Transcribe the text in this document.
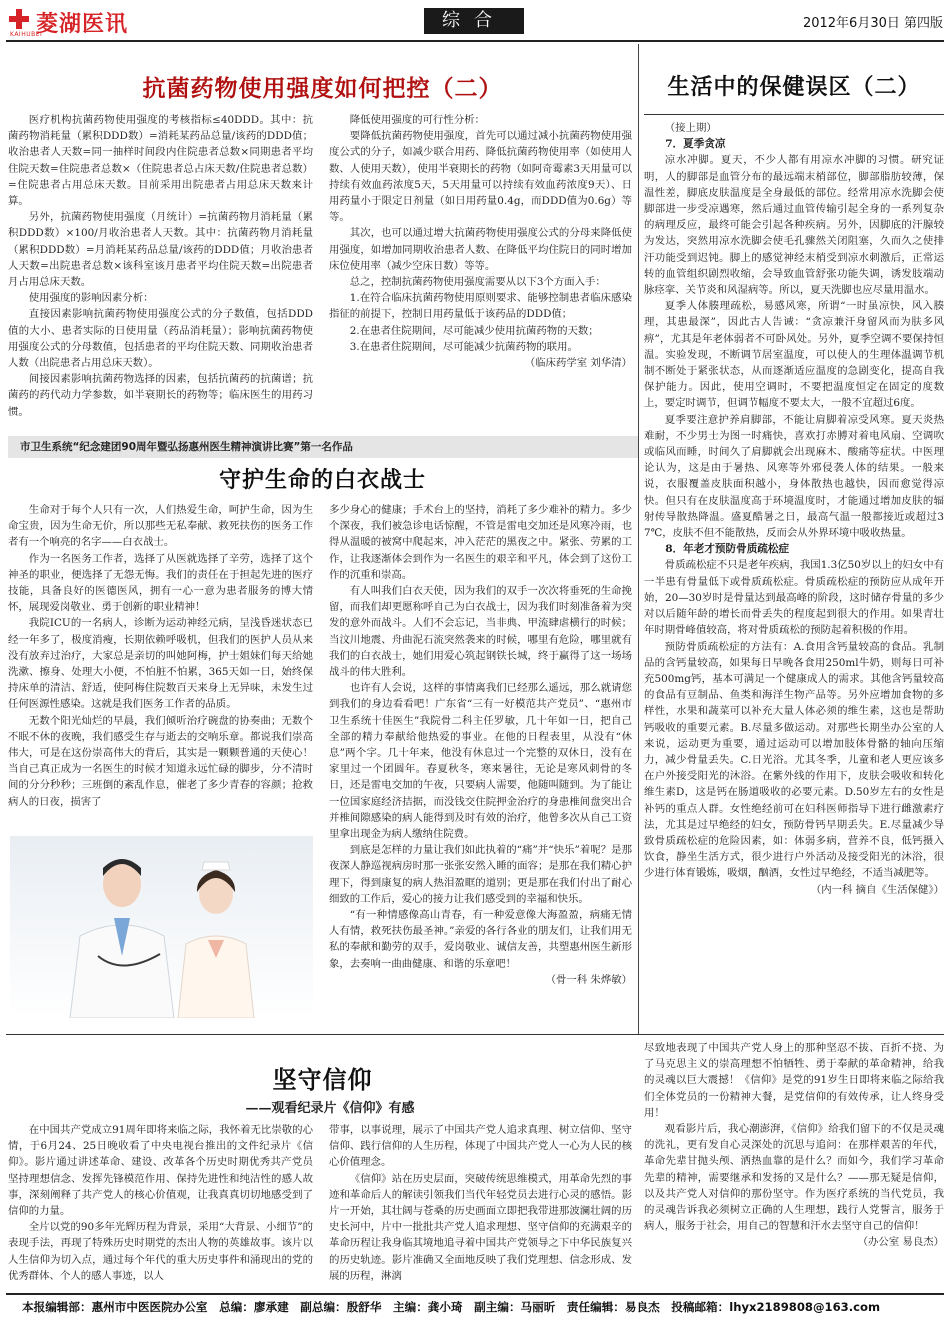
菱湖医讯
KAIHUBEI
综合	2012年6月30日 第四版
抗菌药物使用强度如何把控（二）

医疗机构抗菌药物使用强度的考核指标≤40DDD。其中：抗菌药物消耗量（累积DDD数）=消耗某药品总量/该药的DDD值；收治患者人天数=同一抽样时间段内住院患者总数×同期患者平均住院天数=住院患者总数×（住院患者总占床天数/住院患者总数）=住院患者占用总床天数。目前采用出院患者占用总床天数来计算。

另外，抗菌药物使用强度（月统计）=抗菌药物月消耗量（累积DDD数）×100/月收治患者人天数。其中：抗菌药物月消耗量（累积DDD数）=月消耗某药品总量/该药的DDD值；月收治患者人天数=出院患者总数×该科室该月患者平均住院天数=出院患者月占用总床天数。

使用强度的影响因素分析：

直接因素影响抗菌药物使用强度公式的分子数值，包括DDD值的大小、患者实际的日使用量（药品消耗量）；影响抗菌药物使用强度公式的分母数值，包括患者的平均住院天数、同期收治患者人数（出院患者占用总床天数）。

间接因素影响抗菌药物选择的因素，包括抗菌药的抗菌谱；抗菌药的药代动力学参数，如半衰期长的药物等；临床医生的用药习惯。

降低使用强度的可行性分析：

要降低抗菌药物使用强度，首先可以通过减小抗菌药物使用强度公式的分子，如减少联合用药、降低抗菌药物使用率（如使用人数、人使用天数），使用半衰期长的药物（如阿奇霉素3天用量可以持续有效血药浓度5天，5天用量可以持续有效血药浓度9天）、日用药量小于限定日剂量（如日用药量0.4g，而DDD值为0.6g）等等。

其次，也可以通过增大抗菌药物使用强度公式的分母来降低使用强度，如增加同期收治患者人数、在降低平均住院日的同时增加床位使用率（减少空床日数）等等。

总之，控制抗菌药物使用强度需要从以下3个方面入手：

1.在符合临床抗菌药物使用原则要求、能够控制患者临床感染指征的前提下，控制日用药量低于该药品的DDD值；

2.在患者住院期间，尽可能减少使用抗菌药物的天数；

3.在患者住院期间，尽可能减少抗菌药物的联用。

（临床药学室 刘华清）

市卫生系统“纪念建团90周年暨弘扬惠州医生精神演讲比赛”第一名作品
守护生命的白衣战士

生命对于每个人只有一次，人们热爱生命，呵护生命，因为生命宝贵，因为生命无价，所以那些无私奉献、救死扶伤的医务工作者有一个响亮的名字——白衣战士。

作为一名医务工作者，选择了从医就选择了辛劳，选择了这个神圣的职业，便选择了无怨无悔。我们的责任在于担起先进的医疗技能，具备良好的医德医风，拥有一心一意为患者服务的博大情怀，展现爱岗敬业、勇于创新的职业精神！

我院ICU的一名病人，诊断为运动神经元病，呈浅昏迷状态已经一年多了，极度消瘦，长期依赖呼吸机，但我们的医护人员从来没有放弃过治疗，大家总是亲切的叫她阿梅，护士姐妹们每天给她洗漱、擦身、处理大小便，不怕脏不怕累，365天如一日，始终保持床单的清洁、舒适，使阿梅住院数百天来身上无异味，未发生过任何医源性感染。这就是我们医务工作者的品质。

无数个阳光灿烂的早晨，我们倾听治疗碗盘的协奏曲；无数个不眠不休的夜晚，我们感受生存与逝去的交响乐章。都说我们崇高伟大，可是在这份崇高伟大的背后，其实是一颗颗普通的天使心！当自己真正成为一名医生的时候才知道永远忙碌的脚步，分不清时间的分分秒秒；三班倒的紊乱作息，催老了多少青春的容颜；抢救病人的日夜，损害了

多少身心的健康；手术台上的坚持，消耗了多少难补的精力。多少个深夜，我们被急诊电话惊醒，不管是雷电交加还是风寒冷雨，也得从温暖的被窝中爬起来，冲入茫茫的黑夜之中。紧张、劳累的工作，让我逐渐体会到作为一名医生的艰辛和平凡，体会到了这份工作的沉重和崇高。

有人叫我们白衣天使，因为我们的双手一次次将垂死的生命挽留，而我们却更愿称呼自己为白衣战士，因为我们时刻准备着为突发的意外而战斗。人们不会忘记，当非典、甲流肆虐横行的时候；当汶川地震、舟曲泥石流突然袭来的时候，哪里有危险，哪里就有我们的白衣战士，她们用爱心筑起钢铁长城，终于赢得了这一场场战斗的伟大胜利。

也许有人会说，这样的事情离我们已经那么遥远，那么就请您到我们的身边看看吧！广东省“三有一好模范共产党员”、“惠州市卫生系统十佳医生”我院骨二科主任罗敏，几十年如一日，把自己全部的精力奉献给他热爱的事业。在他的日程表里，从没有“休息”两个字。几十年来，他没有休息过一个完整的双休日，没有在家里过一个团圆年。春夏秋冬，寒来暑往，无论是寒风刺骨的冬日，还是雷电交加的午夜，只要病人需要，他随叫随到。为了能让一位国家庭经济拮据，而没钱交住院押金治疗的身患椎间盘突出合并椎间隙感染的病人能得到及时有效的治疗，他曾多次从自己工资里拿出现金为病人缴纳住院费。

到底是怎样的力量让我们如此执着的“痛”并“快乐”着呢？是那夜深人静巡视病房时那一张张安然入睡的面容；是那在我们精心护理下，得到康复的病人热泪盈眶的道别；更是那在我们付出了耐心细致的工作后，爱心的接力让我们感受到的幸福和快乐。

“有一种情感像高山青春，有一种爱意像大海盈盈，病痛无情人有情，救死扶伤最圣神。”亲爱的各行各业的朋友们，让我们用无私的奉献和勤劳的双手，爱岗敬业、诚信友善，共塑惠州医生新形象，去奏响一曲曲健康、和谐的乐章吧！

（骨一科 朱烨敏）

生活中的保健误区（二）

（接上期）

7．夏季贪凉

凉水冲脚。夏天，不少人都有用凉水冲脚的习惯。研究证明，人的脚部是血管分布的最远端末梢部位，脚部脂肪较薄，保温性差，脚底皮肤温度是全身最低的部位。经常用凉水洗脚会使脚部进一步受凉遇寒，然后通过血管传输引起全身的一系列复杂的病理反应，最终可能会引起各种疾病。另外，因脚底的汗腺较为发达，突然用凉水洗脚会使毛孔骤然关闭阻塞，久而久之使排汗功能受到迟钝。脚上的感觉神经末梢受到凉水刺激后，正常运转的血管组织剧烈收缩，会导致血管舒张功能失调，诱发肢端动脉痉挛、关节炎和风湿病等。所以，夏天洗脚也应尽量用温水。

夏季人体腠理疏松，易感风寒，所谓“一时虽凉快，风入腠理，其患最深”，因此古人告诫：“贪凉兼汗身留风而为肤多风痹”，尤其是年老体弱者不可卧风处。另外，夏季空调不要保持恒温。实验发现，不断调节居室温度，可以使人的生理体温调节机制不断处于紧张状态，从而逐渐适应温度的急剧变化，提高自我保护能力。因此，使用空调时，不要把温度恒定在固定的度数上，要定时调节，但调节幅度不要太大，一般不宜超过6度。

夏季要注意护养肩脚部，不能让肩脚着凉受风寒。夏天炎热难耐，不少男士为图一时痛快，喜欢打赤膊对着电风扇、空调吹或临风而睡，时间久了肩脚就会出现麻木、酸痛等症状。中医理论认为，这是由于暑热、风寒等外邪侵袭人体的结果。一般来说，衣服覆盖皮肤面积越小，身体散热也越快，因而愈觉得凉快。但只有在皮肤温度高于环境温度时，才能通过增加皮肤的辐射传导散热降温。盛夏酷暑之日，最高气温一般都接近或超过37℃，皮肤不但不能散热，反而会从外界环境中吸收热量。

8．年老才预防骨质疏松症

骨质疏松症不只是老年疾病，我国1.3亿50岁以上的妇女中有一半患有骨量低下或骨质疏松症。骨质疏松症的预防应从成年开始，20—30岁时是骨量达到最高峰的阶段，这时储存骨量的多少对以后随年龄的增长而骨丢失的程度起到很大的作用。如果青壮年时期骨峰值较高，将对骨质疏松的预防起着积极的作用。

预防骨质疏松症的方法有：A.食用含钙量较高的食品。乳制品的含钙量较高，如果每日早晚各食用250ml牛奶，则每日可补充500mg钙，基本可满足一个健康成人的需求。其他含钙量较高的食品有豆制品、鱼类和海洋生物产品等。另外应增加食物的多样性，水果和蔬菜可以补充大量人体必须的维生素，这也是帮助钙吸收的重要元素。B.尽量多做运动。对那些长期坐办公室的人来说，运动更为重要，通过运动可以增加肢体骨骼的轴向压缩力，减少骨量丢失。C.日光浴。尤其冬季，儿童和老人更应该多在户外接受阳光的沐浴。在紫外线的作用下，皮肤会吸收和转化维生素D，这是钙在肠道吸收的必要元素。D.50岁左右的女性是补钙的重点人群。女性绝经前可在妇科医师指导下进行雌激素疗法，尤其是过早绝经的妇女，预防骨钙早期丢失。E.尽量减少导致骨质疏松症的危险因素，如：体弱多病，营养不良，低钙摄入饮食，静坐生活方式，很少进行户外活动及接受阳光的沐浴，很少进行体育锻炼，吸烟，酗酒，女性过早绝经，不适当减肥等。

（内一科 摘自《生活保健》）

坚守信仰
——观看纪录片《信仰》有感

在中国共产党成立91周年即将来临之际，我怀着无比崇敬的心情，于6月24、25日晚收看了中央电视台推出的文件纪录片《信仰》。影片通过讲述革命、建设、改革各个历史时期优秀共产党员坚持理想信念、发挥先锋模范作用、保持先进性和纯洁性的感人故事，深刻阐释了共产党人的核心价值观，让我真真切切地感受到了信仰的力量。

全片以党的90多年光辉历程为背景，采用“大背景、小细节”的表现手法，再现了特殊历史时期党的杰出人物的英雄故事。该片以人生信仰为切入点，通过每个年代的重大历史事件和涌现出的党的优秀群体、个人的感人事迹，以人

带事，以事说理，展示了中国共产党人追求真理、树立信仰、坚守信仰、践行信仰的人生历程，体现了中国共产党人一心为人民的核心价值理念。

《信仰》站在历史层面，突破传统思维模式，用革命先烈的事迹和革命后人的解读引领我们当代年轻党员去进行心灵的感悟。影片一开始，其壮阔与苍桑的历史画面立即把我带进那波澜壮阔的历史长河中，片中一批批共产党人追求理想、坚守信仰的充满艰辛的革命历程让我身临其境地追寻着中国共产党领导之下中华民族复兴的历史轨迹。影片准确又全面地反映了我们党理想、信念形成、发展的历程，淋漓

尽致地表现了中国共产党人身上的那种坚忍不拔、百折不挠、为了马克思主义的崇高理想不怕牺牲、勇于奉献的革命精神，给我的灵魂以巨大震撼！《信仰》是党的91岁生日即将来临之际给我们全体党员的一份精神大餐，是党信仰的有效传承，让人终身受用！

观看影片后，我心潮澎湃，《信仰》给我们留下的不仅是灵魂的洗礼，更有发自心灵深处的沉思与追问：在那样艰苦的年代，革命先辈甘抛头颅、洒热血靠的是什么？而如今，我们学习革命先辈的精神，需要继承和发扬的又是什么？——那无疑是信仰，以及共产党人对信仰的那份坚守。作为医疗系统的当代党员，我的灵魂告诉我必须树立正确的人生理想，践行人党誓言，服务于病人，服务于社会，用自己的智慧和汗水去坚守自己的信仰！

（办公室 易良杰）

本报编辑部：惠州市中医医院办公室　总编：廖承建　副总编：殷舒华　主编：龚小琦　副主编：马丽昕　责任编辑：易良杰　投稿邮箱：lhyx2189808@163.com
